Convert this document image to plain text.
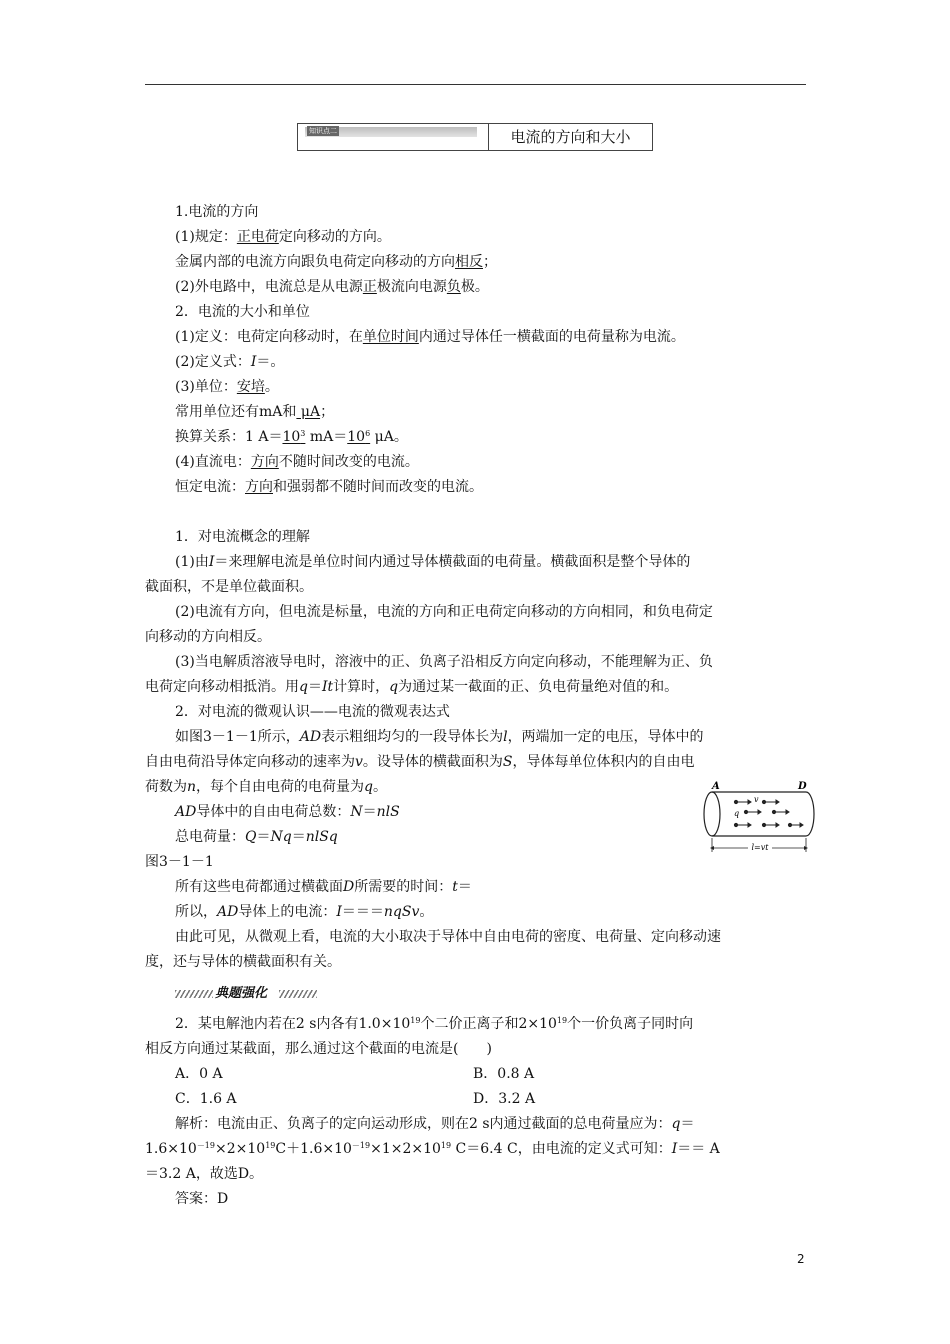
知识点二	电流的方向和大小
1.电流的方向
(1)规定：正电荷定向移动的方向。
金属内部的电流方向跟负电荷定向移动的方向相反；
(2)外电路中，电流总是从电源正极流向电源负极。
2．电流的大小和单位
(1)定义：电荷定向移动时，在单位时间内通过导体任一横截面的电荷量称为电流。
(2)定义式：I＝。
(3)单位：安培。
常用单位还有mA和 μA；
换算关系：1 $A=10^3$ $mA=10^6$ μA。
(4)直流电：方向不随时间改变的电流。
恒定电流：方向和强弱都不随时间而改变的电流。
1．对电流概念的理解
(1)由I＝来理解电流是单位时间内通过导体横截面的电荷量。横截面积是整个导体的
截面积，不是单位截面积。
(2)电流有方向，但电流是标量，电流的方向和正电荷定向移动的方向相同，和负电荷定
向移动的方向相反。
(3)当电解质溶液导电时，溶液中的正、负离子沿相反方向定向移动，不能理解为正、负
电荷定向移动相抵消。用q＝It计算时，q为通过某一截面的正、负电荷量绝对值的和。
2．对电流的微观认识——电流的微观表达式
如图3－1－1所示，AD表示粗细均匀的一段导体长为l，两端加一定的电压，导体中的
自由电荷沿导体定向移动的速率为v。设导体的横截面积为S，导体每单位体积内的自由电
荷数为n，每个自由电荷的电荷量为q。
AD导体中的自由电荷总数：N＝nlS
总电荷量：Q＝Nq＝nlSq
图3－1－1
所有这些电荷都通过横截面D所需要的时间：t＝
所以，AD导体上的电流：I＝＝＝nqSv。
由此可见，从微观上看，电流的大小取决于导体中自由电荷的密度、电荷量、定向移动速
度，还与导体的横截面积有关。
A	D
v
q
l=vt
典题强化
2．某电解池内若在2 s内各有$1.0\times 10^{19}$个二价正离子和$2\times 10^{19}$个一价负离子同时向
相反方向通过某截面，那么通过这个截面的电流是(　　)
A．0 A	B．0.8 A
C．1.6 A	D．3.2 A
解析：电流由正、负离子的定向运动形成，则在2 s内通过截面的总电荷量应为：q＝
$1.6\times 10^{-19}\times 2\times 10^{19}C+1.6\times 10^{-19}\times 1\times 2\times 10^{19}$ C＝6.4 C，由电流的定义式可知：I＝＝ A
＝3.2 A，故选D。
答案：D
2
